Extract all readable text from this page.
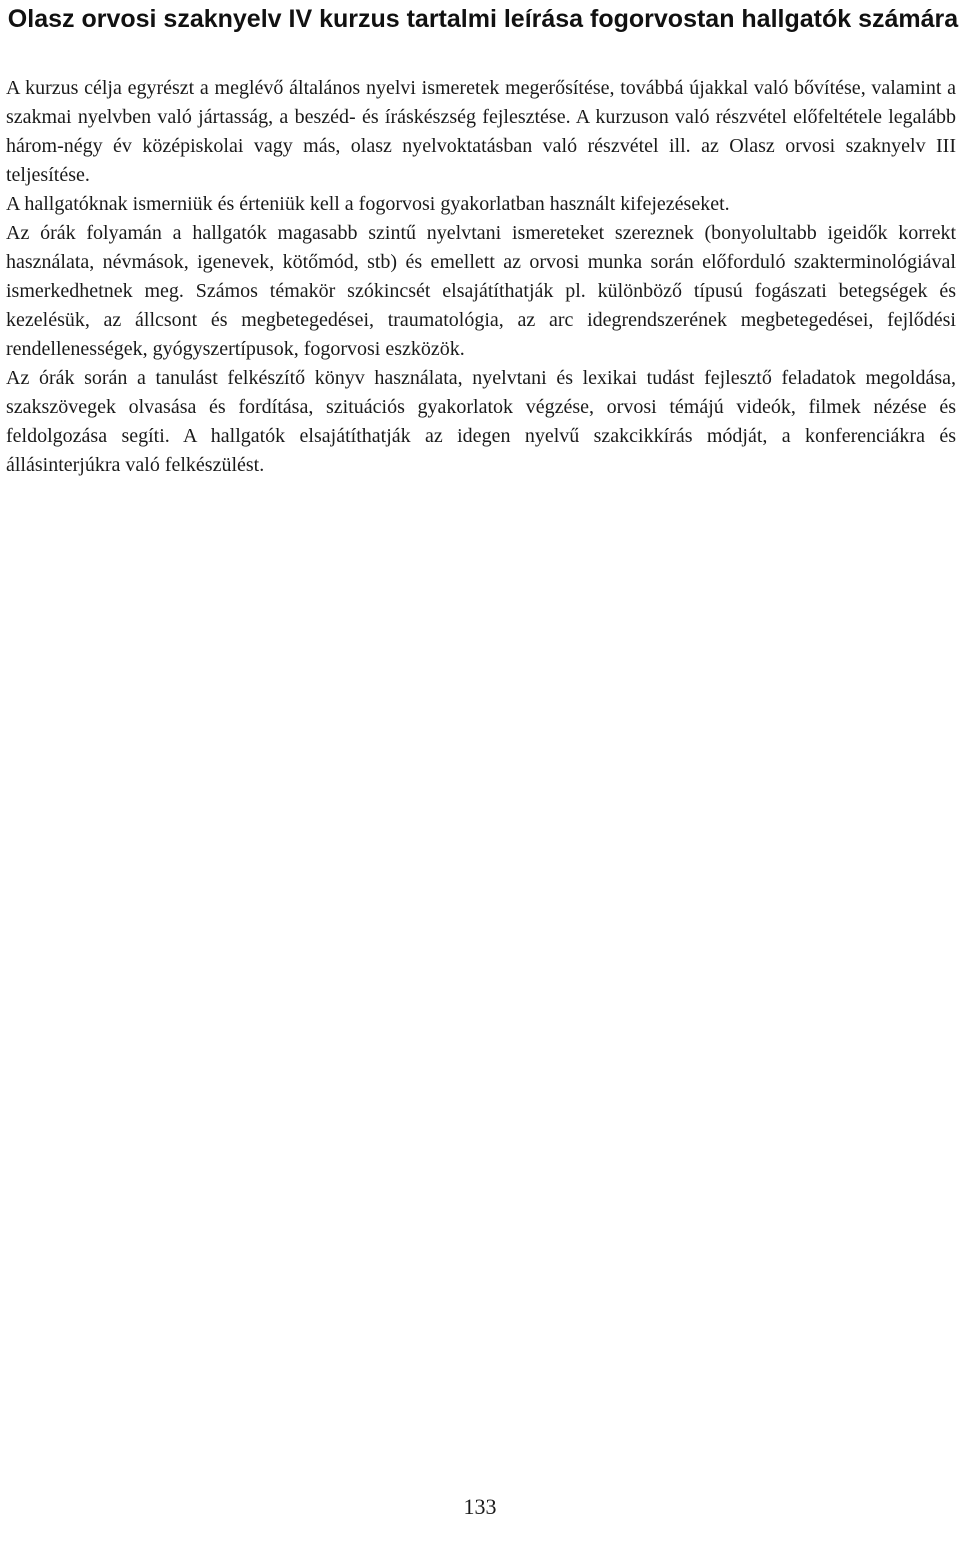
Olasz orvosi szaknyelv IV kurzus tartalmi leírása fogorvostan hallgatók számára

A kurzus célja egyrészt a meglévő általános nyelvi ismeretek megerősítése, továbbá újakkal való bővítése, valamint a szakmai nyelvben való jártasság, a beszéd- és íráskészség fejlesztése. A kurzuson való részvétel előfeltétele legalább három-négy év középiskolai vagy más, olasz nyelvoktatásban való részvétel ill. az Olasz orvosi szaknyelv III teljesítése.

A hallgatóknak ismerniük és érteniük kell a fogorvosi gyakorlatban használt kifejezéseket.

Az órák folyamán a hallgatók magasabb szintű nyelvtani ismereteket szereznek (bonyolultabb igeidők korrekt használata, névmások, igenevek, kötőmód, stb) és emellett az orvosi munka során előforduló szakterminológiával ismerkedhetnek meg. Számos témakör szókincsét elsajátíthatják pl. különböző típusú fogászati betegségek és kezelésük, az állcsont és megbetegedései, traumatológia, az arc idegrendszerének megbetegedései, fejlődési rendellenességek, gyógyszertípusok, fogorvosi eszközök.

Az órák során a tanulást felkészítő könyv használata, nyelvtani és lexikai tudást fejlesztő feladatok megoldása, szakszövegek olvasása és fordítása, szituációs gyakorlatok végzése, orvosi témájú videók, filmek nézése és feldolgozása segíti. A hallgatók elsajátíthatják az idegen nyelvű szakcikkírás módját, a konferenciákra és állásinterjúkra való felkészülést.

133
